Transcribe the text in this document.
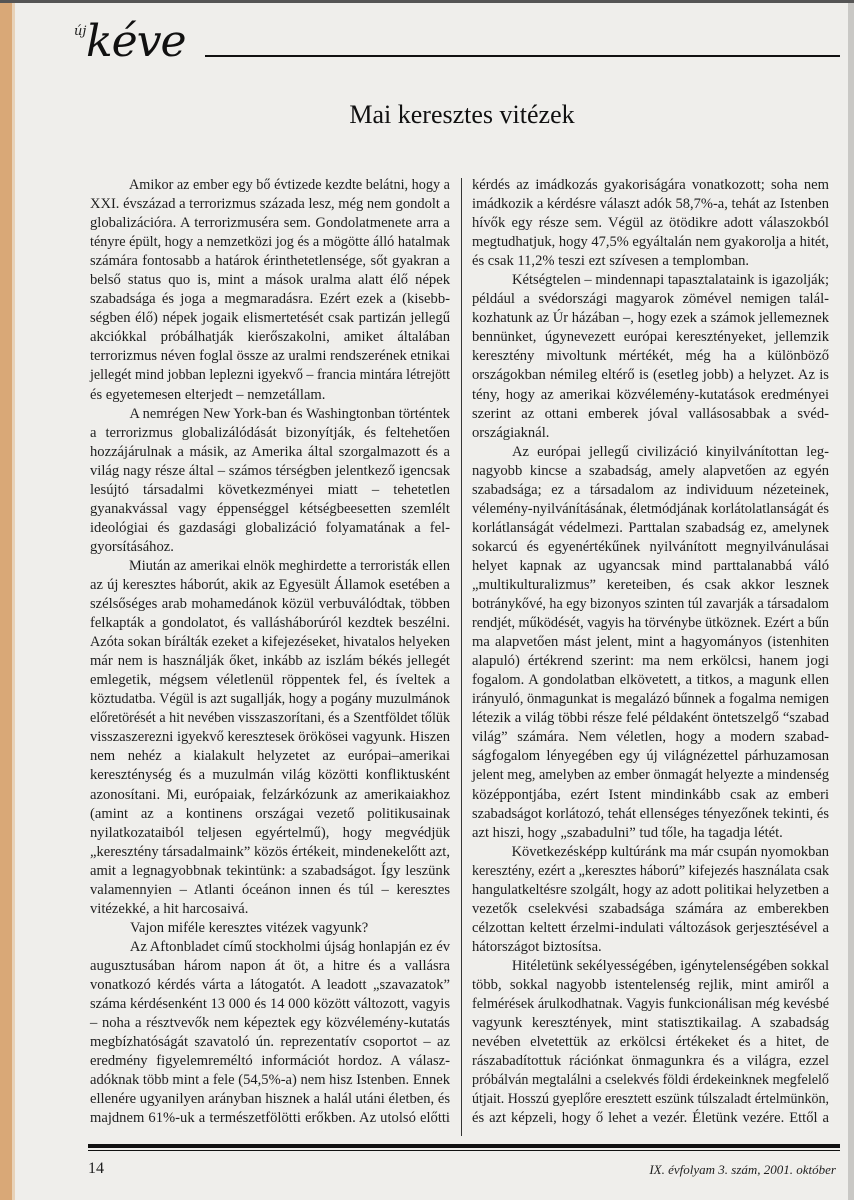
új kéve
Mai keresztes vitézek
Amikor az ember egy bő évtizede kezdte belátni, hogy a
XXI. évszázad a terrorizmus százada lesz, még nem gondolt a
globalizációra. A terrorizmuséra sem. Gondolatmenete arra a
tényre épült, hogy a nemzetközi jog és a mögötte álló hatalmak
számára fontosabb a határok érinthetetlensége, sőt gyakran a
belső status quo is, mint a mások uralma alatt élő népek
szabadsága és joga a megmaradásra. Ezért ezek a (kisebb-
ségben élő) népek jogaik elismertetését csak partizán jellegű
akciókkal próbálhatják kierőszakolni, amiket általában
terrorizmus néven foglal össze az uralmi rendszerének etnikai
jellegét mind jobban leplezni igyekvő – francia mintára létrejött
és egyetemesen elterjedt – nemzetállam.
A nemrégen New York-ban és Washingtonban történtek
a terrorizmus globalizálódását bizonyítják, és feltehetően
hozzájárulnak a másik, az Amerika által szorgalmazott és a
világ nagy része által – számos térségben jelentkező igencsak
lesújtó társadalmi következményei miatt – tehetetlen
gyanakvással vagy éppenséggel kétségbeesetten szemlélt
ideológiai és gazdasági globalizáció folyamatának a fel-
gyorsításához.
Miután az amerikai elnök meghirdette a terroristák ellen
az új keresztes háborút, akik az Egyesült Államok esetében a
szélsőséges arab mohamedánok közül verbuválódtak, többen
felkapták a gondolatot, és vallásháborúról kezdtek beszélni.
Azóta sokan bírálták ezeket a kifejezéseket, hivatalos helyeken
már nem is használják őket, inkább az iszlám békés jellegét
emlegetik, mégsem véletlenül röppentek fel, és íveltek a
köztudatba. Végül is azt sugallják, hogy a pogány muzulmánok
előretörését a hit nevében visszaszorítani, és a Szentföldet tőlük
visszaszerezni igyekvő keresztesek örökösei vagyunk. Hiszen
nem nehéz a kialakult helyzetet az európai–amerikai
kereszténység és a muzulmán világ közötti konfliktusként
azonosítani. Mi, európaiak, felzárkózunk az amerikaiakhoz
(amint az a kontinens országai vezető politikusainak
nyilatkozataiból teljesen egyértelmű), hogy megvédjük
„keresztény társadalmaink” közös értékeit, mindenekelőtt azt,
amit a legnagyobbnak tekintünk: a szabadságot. Így leszünk
valamennyien – Atlanti óceánon innen és túl – keresztes
vitézekké, a hit harcosaivá.
Vajon miféle keresztes vitézek vagyunk?
Az Aftonbladet című stockholmi újság honlapján ez év
augusztusában három napon át öt, a hitre és a vallásra
vonatkozó kérdés várta a látogatót. A leadott „szavazatok”
száma kérdésenként 13 000 és 14 000 között változott, vagyis
– noha a résztvevők nem képeztek egy közvélemény-kutatás
megbízhatóságát szavatoló ún. reprezentatív csoportot – az
eredmény figyelemreméltó információt hordoz. A válasz-
adóknak több mint a fele (54,5%-a) nem hisz Istenben. Ennek
ellenére ugyanilyen arányban hisznek a halál utáni életben, és
majdnem 61%-uk a természetfölötti erőkben. Az utolsó előtti
kérdés az imádkozás gyakoriságára vonatkozott; soha nem
imádkozik a kérdésre választ adók 58,7%-a, tehát az Istenben
hívők egy része sem. Végül az ötödikre adott válaszokból
megtudhatjuk, hogy 47,5% egyáltalán nem gyakorolja a hitét,
és csak 11,2% teszi ezt szívesen a templomban.
Kétségtelen – mindennapi tapasztalataink is igazolják;
például a svédországi magyarok zömével nemigen talál-
kozhatunk az Úr házában –, hogy ezek a számok jellemeznek
bennünket, úgynevezett európai keresztényeket, jellemzik
keresztény mivoltunk mértékét, még ha a különböző
országokban némileg eltérő is (esetleg jobb) a helyzet. Az is
tény, hogy az amerikai közvélemény-kutatások eredményei
szerint az ottani emberek jóval vallásosabbak a svéd-
országiaknál.
Az európai jellegű civilizáció kinyilvánítottan leg-
nagyobb kincse a szabadság, amely alapvetően az egyén
szabadsága; ez a társadalom az individuum nézeteinek,
vélemény-nyilvánításának, életmódjának korlátolatlanságát és
korlátlanságát védelmezi. Parttalan szabadság ez, amelynek
sokarcú és egyenértékűnek nyilvánított megnyilvánulásai
helyet kapnak az ugyancsak mind parttalanabbá váló
„multikulturalizmus” kereteiben, és csak akkor lesznek
botránykővé, ha egy bizonyos szinten túl zavarják a társadalom
rendjét, működését, vagyis ha törvénybe ütköznek. Ezért a bűn
ma alapvetően mást jelent, mint a hagyományos (istenhiten
alapuló) értékrend szerint: ma nem erkölcsi, hanem jogi
fogalom. A gondolatban elkövetett, a titkos, a magunk ellen
irányuló, önmagunkat is megalázó bűnnek a fogalma nemigen
létezik a világ többi része felé példaként öntetszelgő “szabad
világ” számára. Nem véletlen, hogy a modern szabad-
ságfogalom lényegében egy új világnézettel párhuzamosan
jelent meg, amelyben az ember önmagát helyezte a mindenség
középpontjába, ezért Istent mindinkább csak az emberi
szabadságot korlátozó, tehát ellenséges tényezőnek tekinti, és
azt hiszi, hogy „szabadulni” tud tőle, ha tagadja létét.
Következésképp kultúránk ma már csupán nyomokban
keresztény, ezért a „keresztes háború” kifejezés használata csak
hangulatkeltésre szolgált, hogy az adott politikai helyzetben a
vezetők cselekvési szabadsága számára az emberekben
célzottan keltett érzelmi-indulati változások gerjesztésével a
hátországot biztosítsa.
Hitéletünk sekélyességében, igénytelenségében sokkal
több, sokkal nagyobb istentelenség rejlik, mint amiről a
felmérések árulkodhatnak. Vagyis funkcionálisan még kevésbé
vagyunk keresztények, mint statisztikailag. A szabadság
nevében elvetettük az erkölcsi értékeket és a hitet, de
rászabadítottuk rációnkat önmagunkra és a világra, ezzel
próbálván megtalálni a cselekvés földi érdekeinknek megfelelő
útjait. Hosszú gyeplőre eresztett eszünk túlszaladt értelmünkön,
és azt képzeli, hogy ő lehet a vezér. Életünk vezére. Ettől a
14	IX. évfolyam 3. szám, 2001. október
